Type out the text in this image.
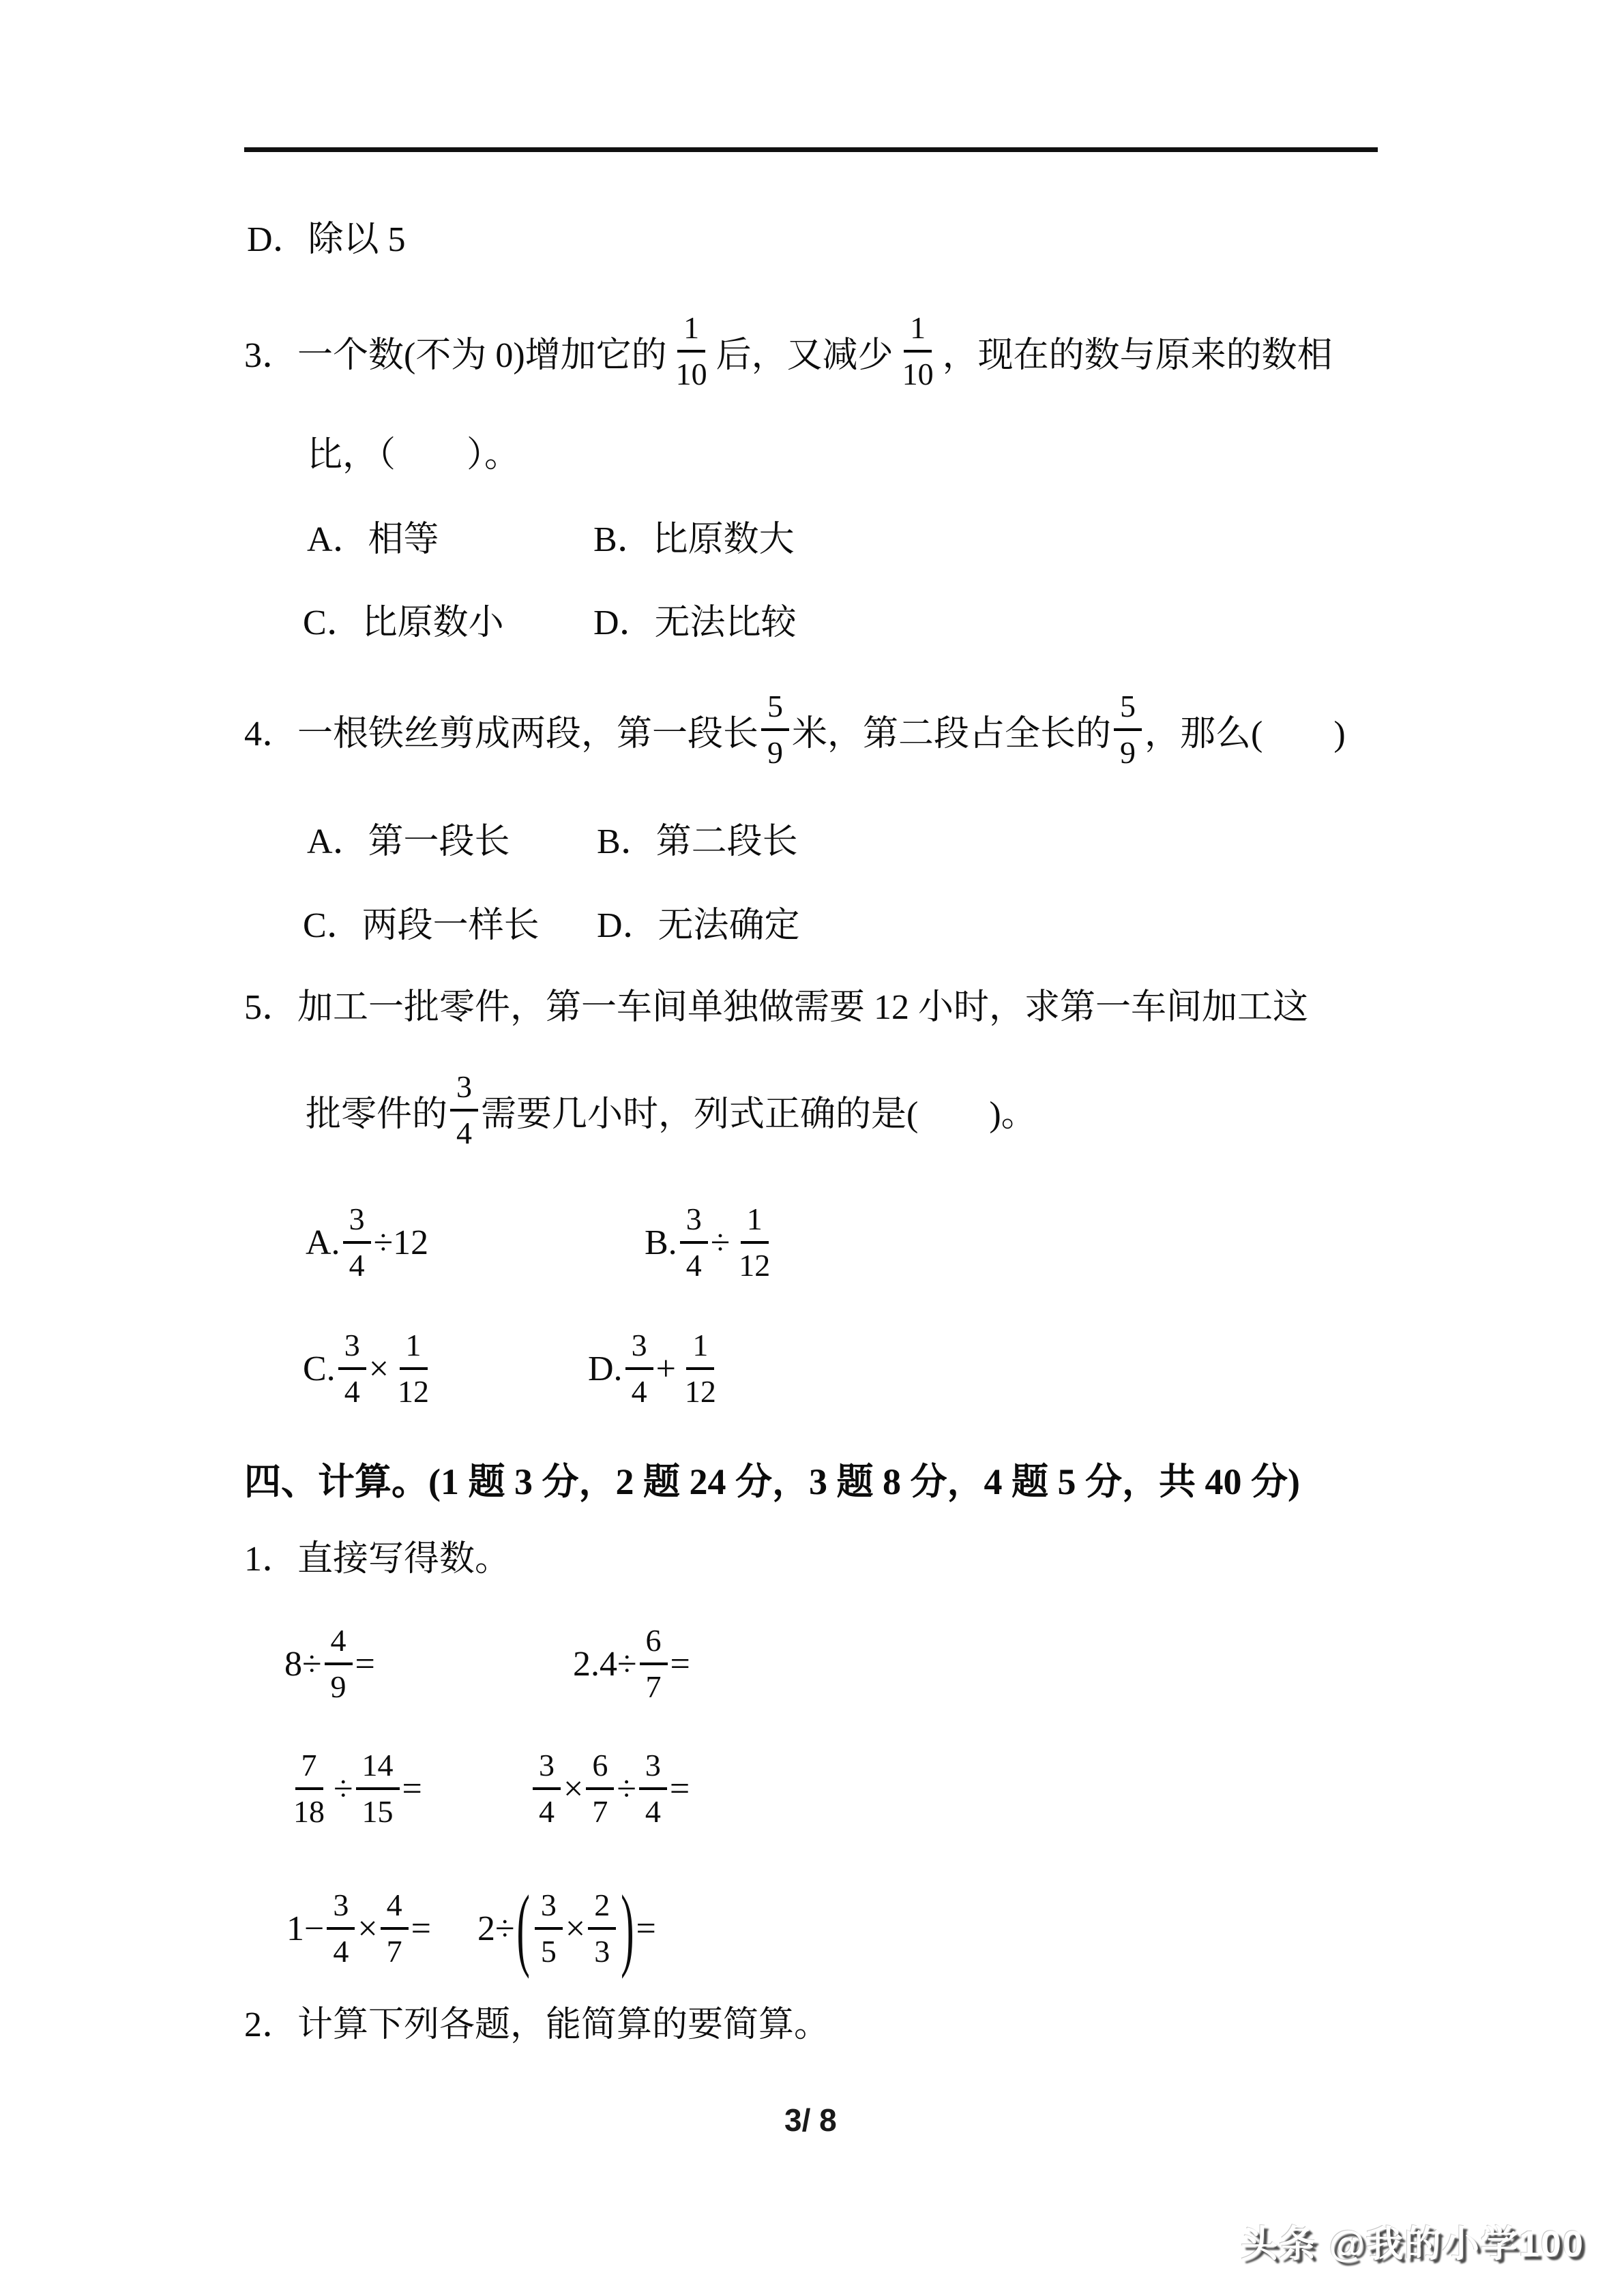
D．除以 5
3．一个数(不为 0)增加它的 $\frac{1}{10}$ 后，又减少 $\frac{1}{10}$ ，现在的数与原来的数相
比，（　　）。
A．相等	B．比原数大
C．比原数小	D．无法比较
4．一根铁丝剪成两段，第一段长 $\frac{5}{9}$ 米，第二段占全长的 $\frac{5}{9}$ ，那么(　　)
A．第一段长 B．第二段长
C．两段一样长 D．无法确定
5．加工一批零件，第一车间单独做需要 12 小时，求第一车间加工这
批零件的 $\frac{3}{4}$ 需要几小时，列式正确的是(　　)。
A. $\frac{3}{4} \div 12$	B. $\frac{3}{4} \div \frac{1}{12}$
C. $\frac{3}{4} \times \frac{1}{12}$	D. $\frac{3}{4} + \frac{1}{12}$
四、计算。(1 题 3 分，2 题 24 分，3 题 8 分，4 题 5 分，共 40 分)
1．直接写得数。
$8\div \frac{4}{9}$ =	$2.4\div \frac{6}{7}$ =
$\frac{7}{18} \div \frac{14}{15}$ =	$\frac{3}{4} \times \frac{6}{7} \div \frac{3}{4}$ =
$1- \frac{3}{4} \times \frac{4}{7} = 2\div$ ( $\frac{3}{5} \times \frac{2}{3}$ ) =
2．计算下列各题，能简算的要简算。
3/ 8
头条 @我的小学100
